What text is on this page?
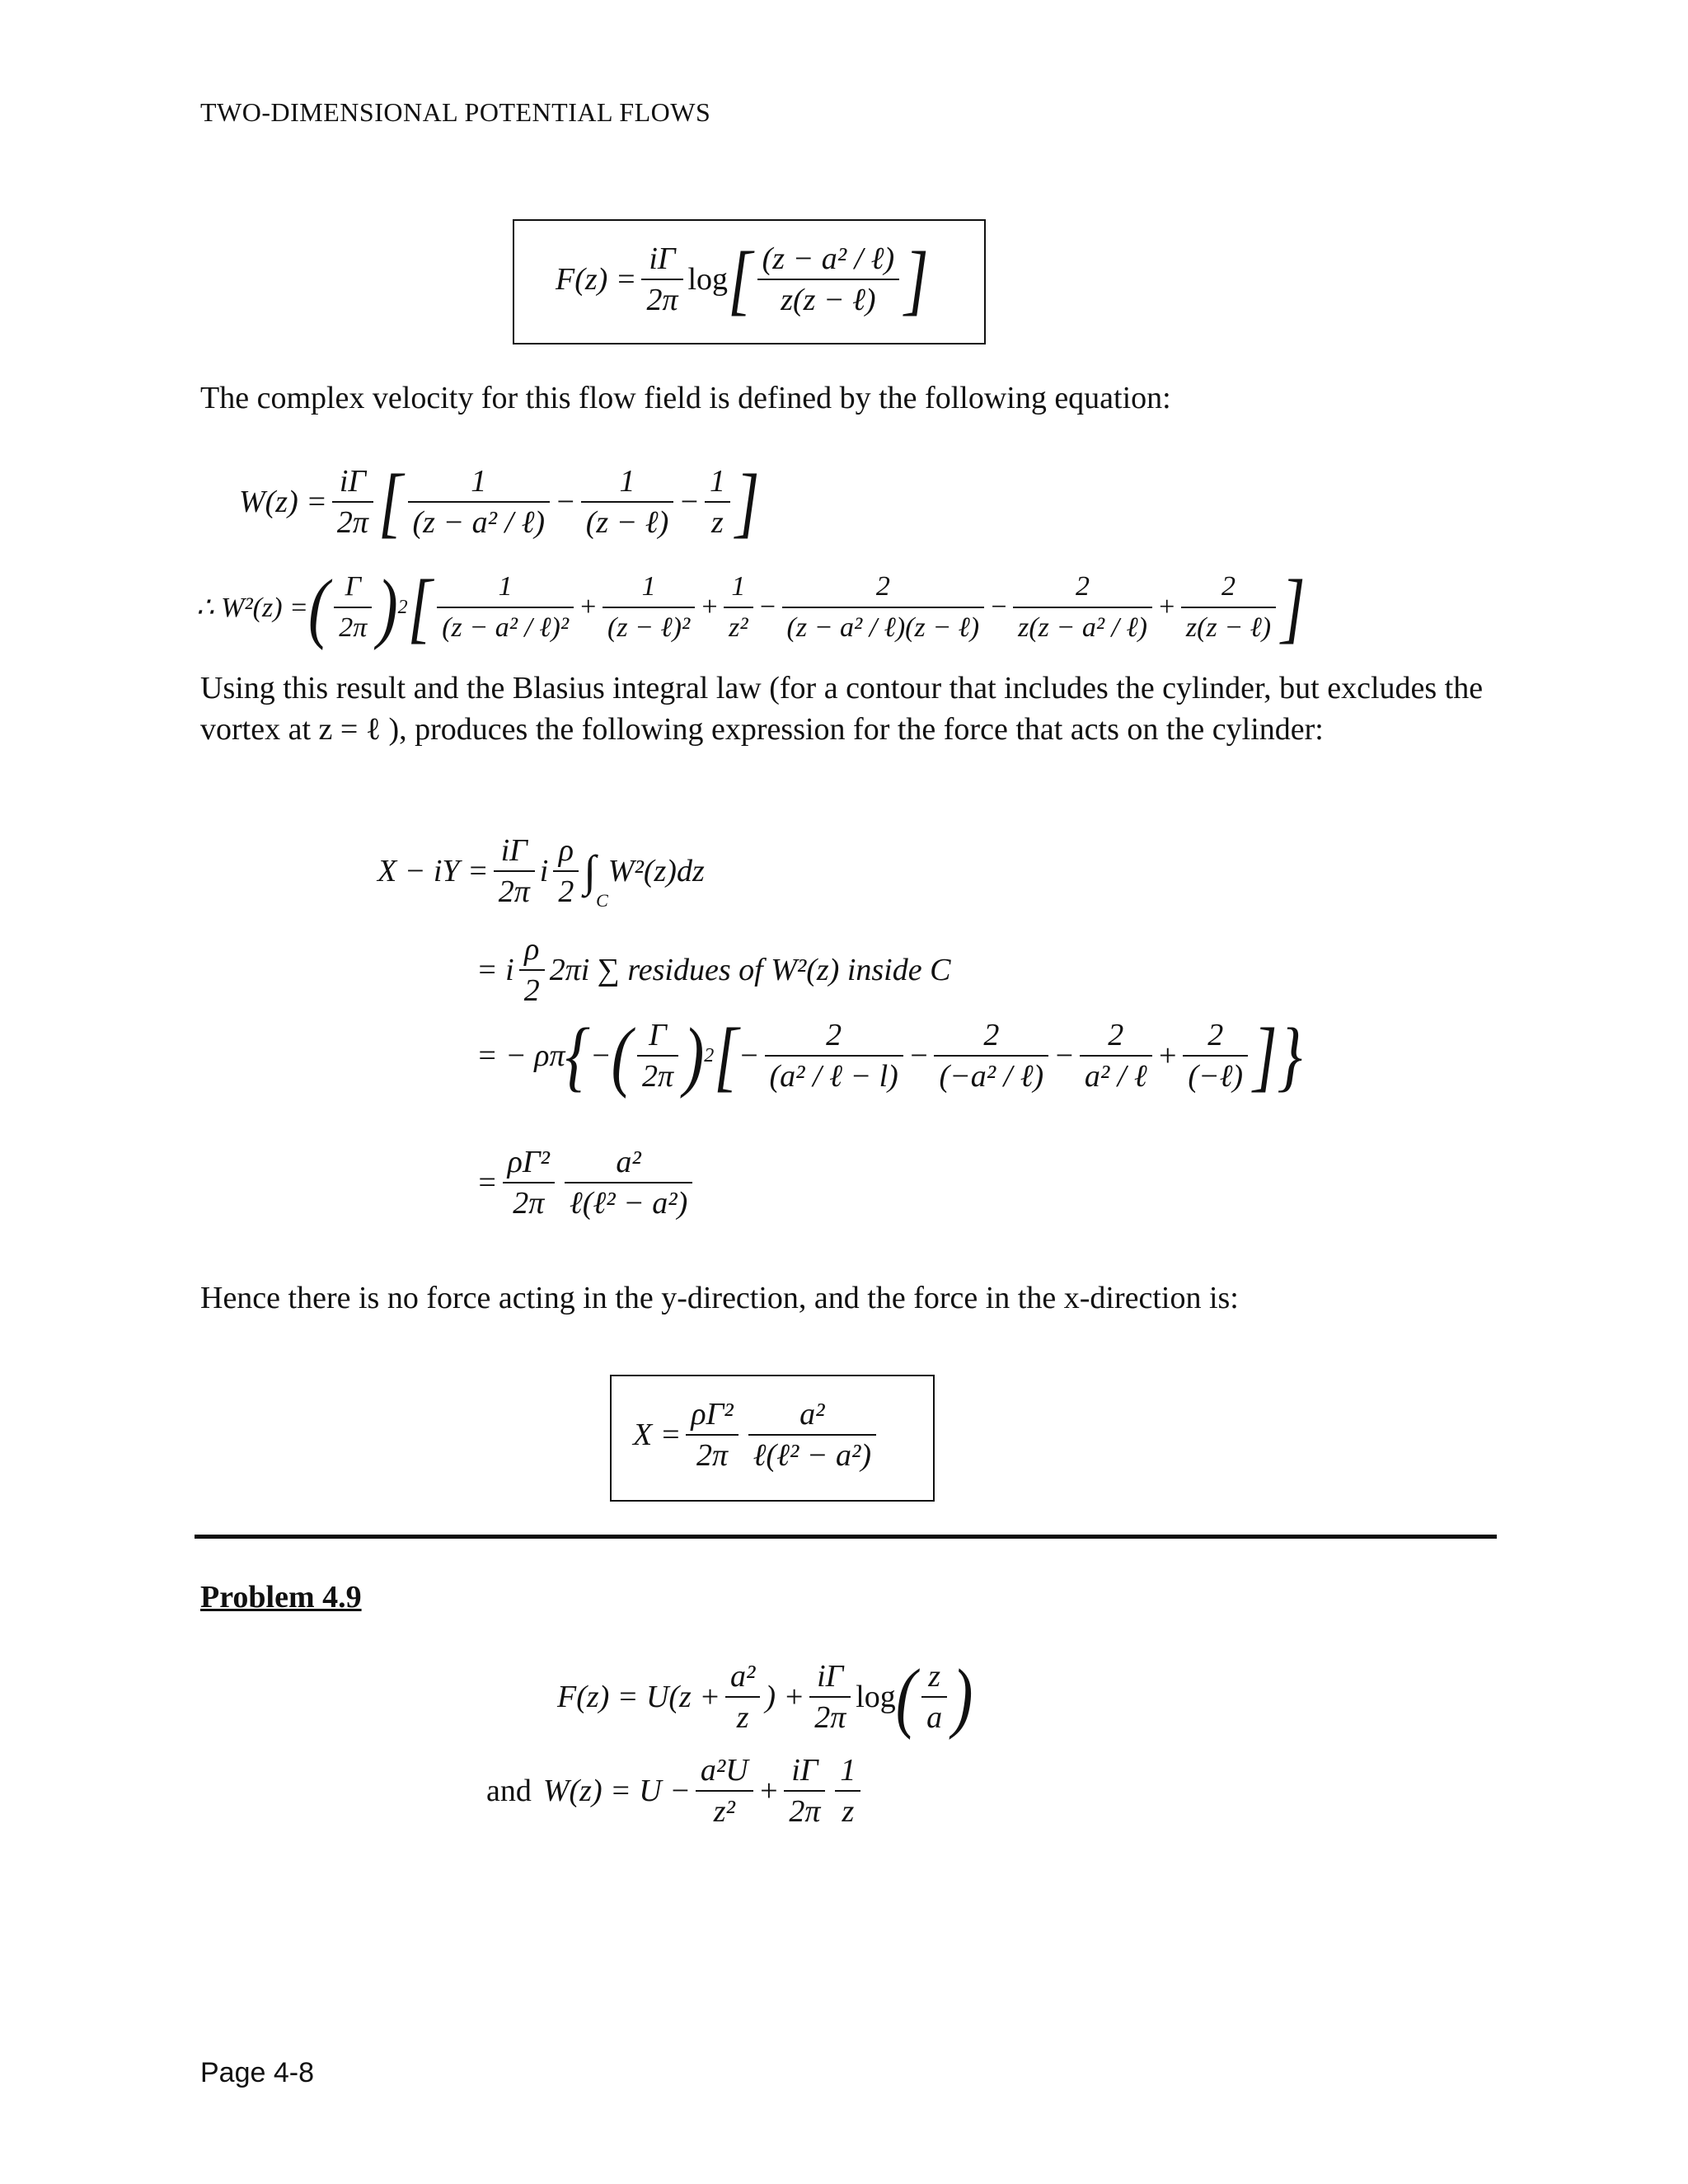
TWO-DIMENSIONAL POTENTIAL FLOWS
$F(z) = \frac{i\Gamma}{2\pi}$ log [ $\frac{\text{(z − a² / ℓ)}}{\text{z(z − ℓ)}}$ ]
The complex velocity for this flow field is defined by the following equation:
$W(z) = \frac{i\Gamma}{2\pi}$ [ $\frac{1}{\text{(z − a² / ℓ)}} - \frac{1}{\text{(z − ℓ)}} - \frac{1}{z}$ ]
∴ W²(z) = ( $\frac{\Gamma}{2\pi}$ ) 2 [ $\frac{1}{\text{(z − a² / ℓ)²}} + \frac{1}{\text{(z − ℓ)²}} + \frac{1}{\text{z²}} - \frac{2}{\text{(z − a² / ℓ)(z − ℓ)}} - \frac{2}{\text{z(z − a² / ℓ)}} + \frac{2}{\text{z(z − ℓ)}}$ ]
Using this result and the Blasius integral law (for a contour that includes the cylinder, but excludes the vortex at z = ℓ ), produces the following expression for the force that acts on the cylinder:
X − iY = $\frac{i\Gamma}{2\pi}$ i $\frac{\rho}{2}$ ∫
C
W²(z)dz
= i $\frac{\rho}{2} 2\pi i$ ∑ residues of W²(z) inside C
= − ρπ { − ( $\frac{\Gamma}{2\pi}$ ) 2 [ − $\frac{2}{\text{(a² / ℓ − l)}} - \frac{2}{\text{(−a² / ℓ)}} - \frac{2}{\text{a² / ℓ}} + \frac{2}{\text{(−ℓ)}}$ ] }
= $\frac{\text{ρΓ²}}{2\pi} \frac{\text{a²}}{\text{ℓ(ℓ² − a²)}}$
Hence there is no force acting in the y-direction, and the force in the x-direction is:
$X = \frac{\text{ρΓ²}}{2\pi} \frac{\text{a²}}{\text{ℓ(ℓ² − a²)}}$
Problem 4.9
$F(z) = U(z + \frac{\text{a²}}{z}$ ) + $\frac{i\Gamma}{2\pi}$ log ( $\frac{z}{a}$ )
and $W(z) = U - \frac{\text{a²U}}{\text{z²}} + \frac{i\Gamma}{2\pi} \frac{1}{z}$
Page 4-8
